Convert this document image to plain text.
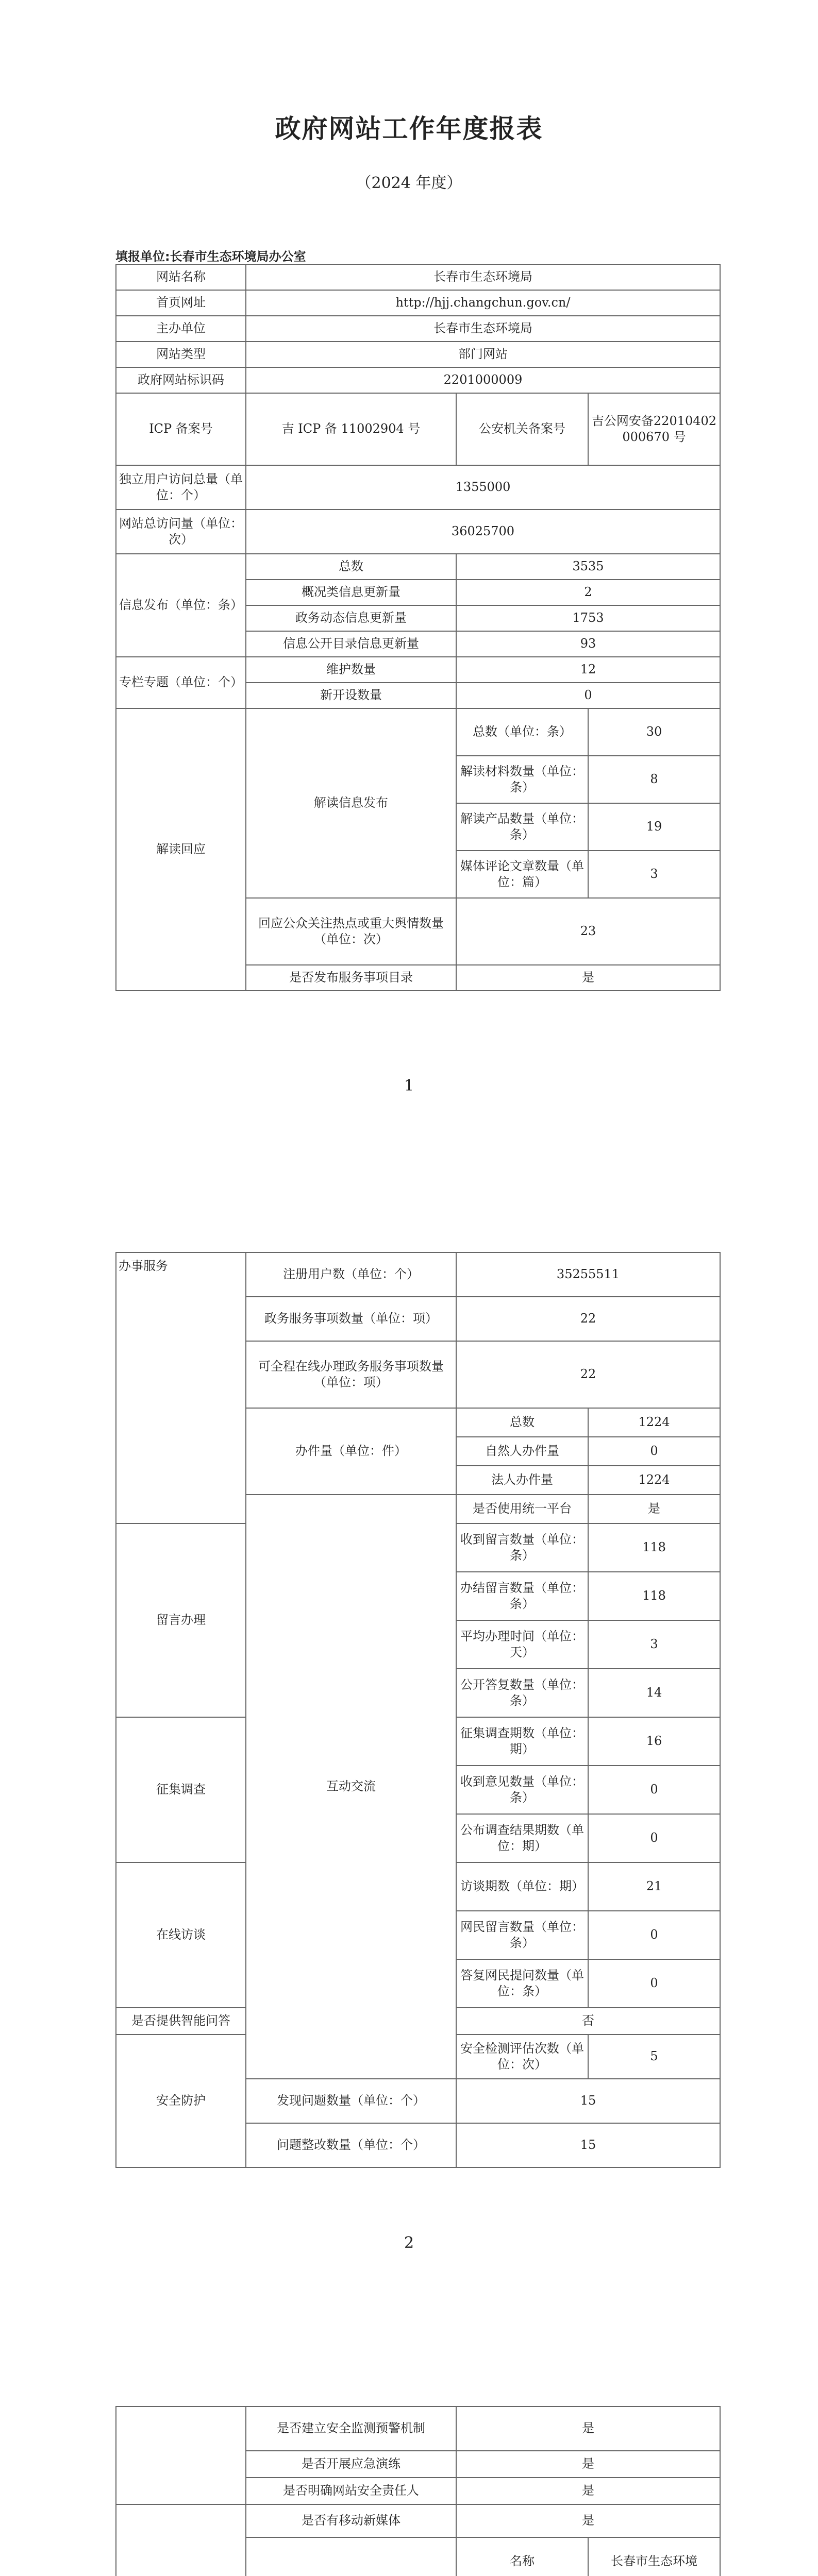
政府网站工作年度报表
（2024 年度）
填报单位:长春市生态环境局办公室
网站名称	长春市生态环境局		
首页网址	http://hjj.changchun.gov.cn/		
主办单位	长春市生态环境局		
网站类型	部门网站		
政府网站标识码	2201000009		
ICP 备案号	吉 ICP 备 11002904 号	公安机关备案号	吉公网安备22010402000670 号
独立用户访问总量（单位：个）	1355000		
网站总访问量（单位：次）	36025700		
信息发布（单位：条）	总数	3535	
	概况类信息更新量	2	
	政务动态信息更新量	1753	
	信息公开目录信息更新量	93	
专栏专题（单位：个）	维护数量	12	
	新开设数量	0	
解读回应	解读信息发布	总数（单位：条）	30
		解读材料数量（单位：条）	8
		解读产品数量（单位：条）	19
		媒体评论文章数量（单位：篇）	3
	回应公众关注热点或重大舆情数量（单位：次）	23	
	是否发布服务事项目录	是	
1
办事服务	注册用户数（单位：个）	35255511	
	政务服务事项数量（单位：项）	22	
	可全程在线办理政务服务事项数量（单位：项）	22	
	办件量（单位：件）	总数	1224
		自然人办件量	0
		法人办件量	1224
	互动交流	是否使用统一平台	是
留言办理		收到留言数量（单位：条）	118
		办结留言数量（单位：条）	118
		平均办理时间（单位：天）	3
		公开答复数量（单位：条）	14
征集调查		征集调查期数（单位：期）	16
		收到意见数量（单位：条）	0
		公布调查结果期数（单位：期）	0
在线访谈		访谈期数（单位：期）	21
		网民留言数量（单位：条）	0
		答复网民提问数量（单位：条）	0
是否提供智能问答		否	
安全防护		安全检测评估次数（单位：次）	5
	发现问题数量（单位：个）	15	
	问题整改数量（单位：个）	15	
2
	是否建立安全监测预警机制	是	
	是否开展应急演练	是	
	是否明确网站安全责任人	是	
	是否有移动新媒体	是	
	名称	长春市生态环境
